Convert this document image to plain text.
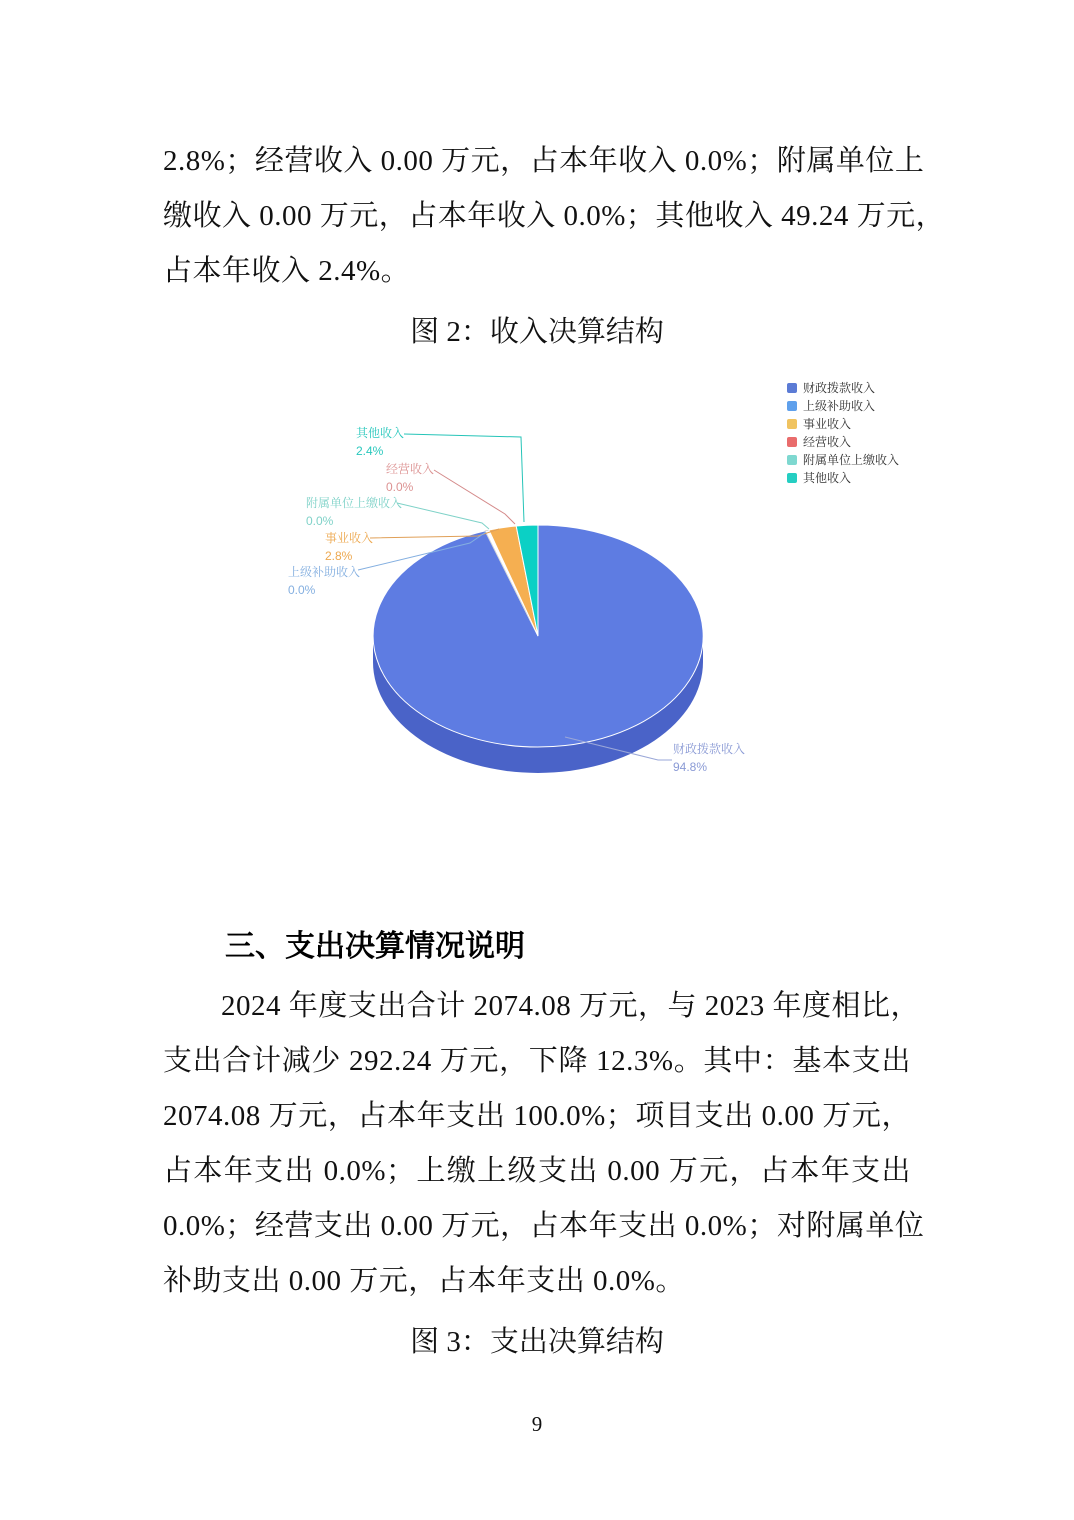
2.8%；经营收入 0.00 万元，占本年收入 0.0%；附属单位上
缴收入 0.00 万元，占本年收入 0.0%；其他收入 49.24 万元，
占本年收入 2.4%。
图 2：收入决算结构
财政拨款收入
上级补助收入
事业收入
经营收入
附属单位上缴收入
其他收入
其他收入
2.4%
经营收入
0.0%
附属单位上缴收入
0.0%
事业收入
2.8%
上级补助收入
0.0%
财政拨款收入
94.8%
三、支出决算情况说明
2024 年度支出合计 2074.08 万元，与 2023 年度相比，
支出合计减少 292.24 万元，下降 12.3%。其中：基本支出
2074.08 万元，占本年支出 100.0%；项目支出 0.00 万元，
占本年支出 0.0%；上缴上级支出 0.00 万元，占本年支出
0.0%；经营支出 0.00 万元，占本年支出 0.0%；对附属单位
补助支出 0.00 万元，占本年支出 0.0%。
图 3：支出决算结构
9
